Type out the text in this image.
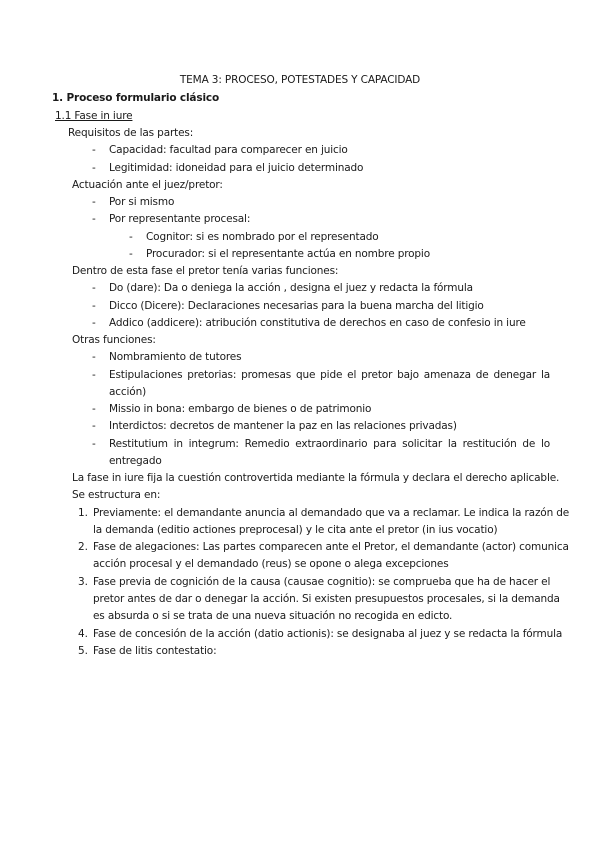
TEMA 3: PROCESO, POTESTADES Y CAPACIDAD
1. Proceso formulario clásico
1.1 Fase in iure
Requisitos de las partes:
- Capacidad: facultad para comparecer en juicio
- Legitimidad: idoneidad para el juicio determinado
Actuación ante el juez/pretor:
- Por si mismo
- Por representante procesal:
- Cognitor: si es nombrado por el representado
- Procurador: si el representante actúa en nombre propio
Dentro de esta fase el pretor tenía varias funciones:
- Do (dare): Da o deniega la acción , designa el juez y redacta la fórmula
- Dicco (Dicere): Declaraciones necesarias para la buena marcha del litigio
- Addico (addicere): atribución constitutiva de derechos en caso de confesio in iure
Otras funciones:
- Nombramiento de tutores
- Estipulaciones pretorias: promesas que pide el pretor bajo amenaza de denegar la
acción)
- Missio in bona: embargo de bienes o de patrimonio
- Interdictos: decretos de mantener la paz en las relaciones privadas)
- Restitutium in integrum: Remedio extraordinario para solicitar la restitución de lo
entregado
La fase in iure fija la cuestión controvertida mediante la fórmula y declara el derecho aplicable.
Se estructura en:
1. Previamente: el demandante anuncia al demandado que va a reclamar. Le indica la razón de
la demanda (editio actiones preprocesal) y le cita ante el pretor (in ius vocatio)
2. Fase de alegaciones: Las partes comparecen ante el Pretor, el demandante (actor) comunica
acción procesal y el demandado (reus) se opone o alega excepciones
3. Fase previa de cognición de la causa (causae cognitio): se comprueba que ha de hacer el
pretor antes de dar o denegar la acción. Si existen presupuestos procesales, si la demanda
es absurda o si se trata de una nueva situación no recogida en edicto.
4. Fase de concesión de la acción (datio actionis): se designaba al juez y se redacta la fórmula
5. Fase de litis contestatio:
